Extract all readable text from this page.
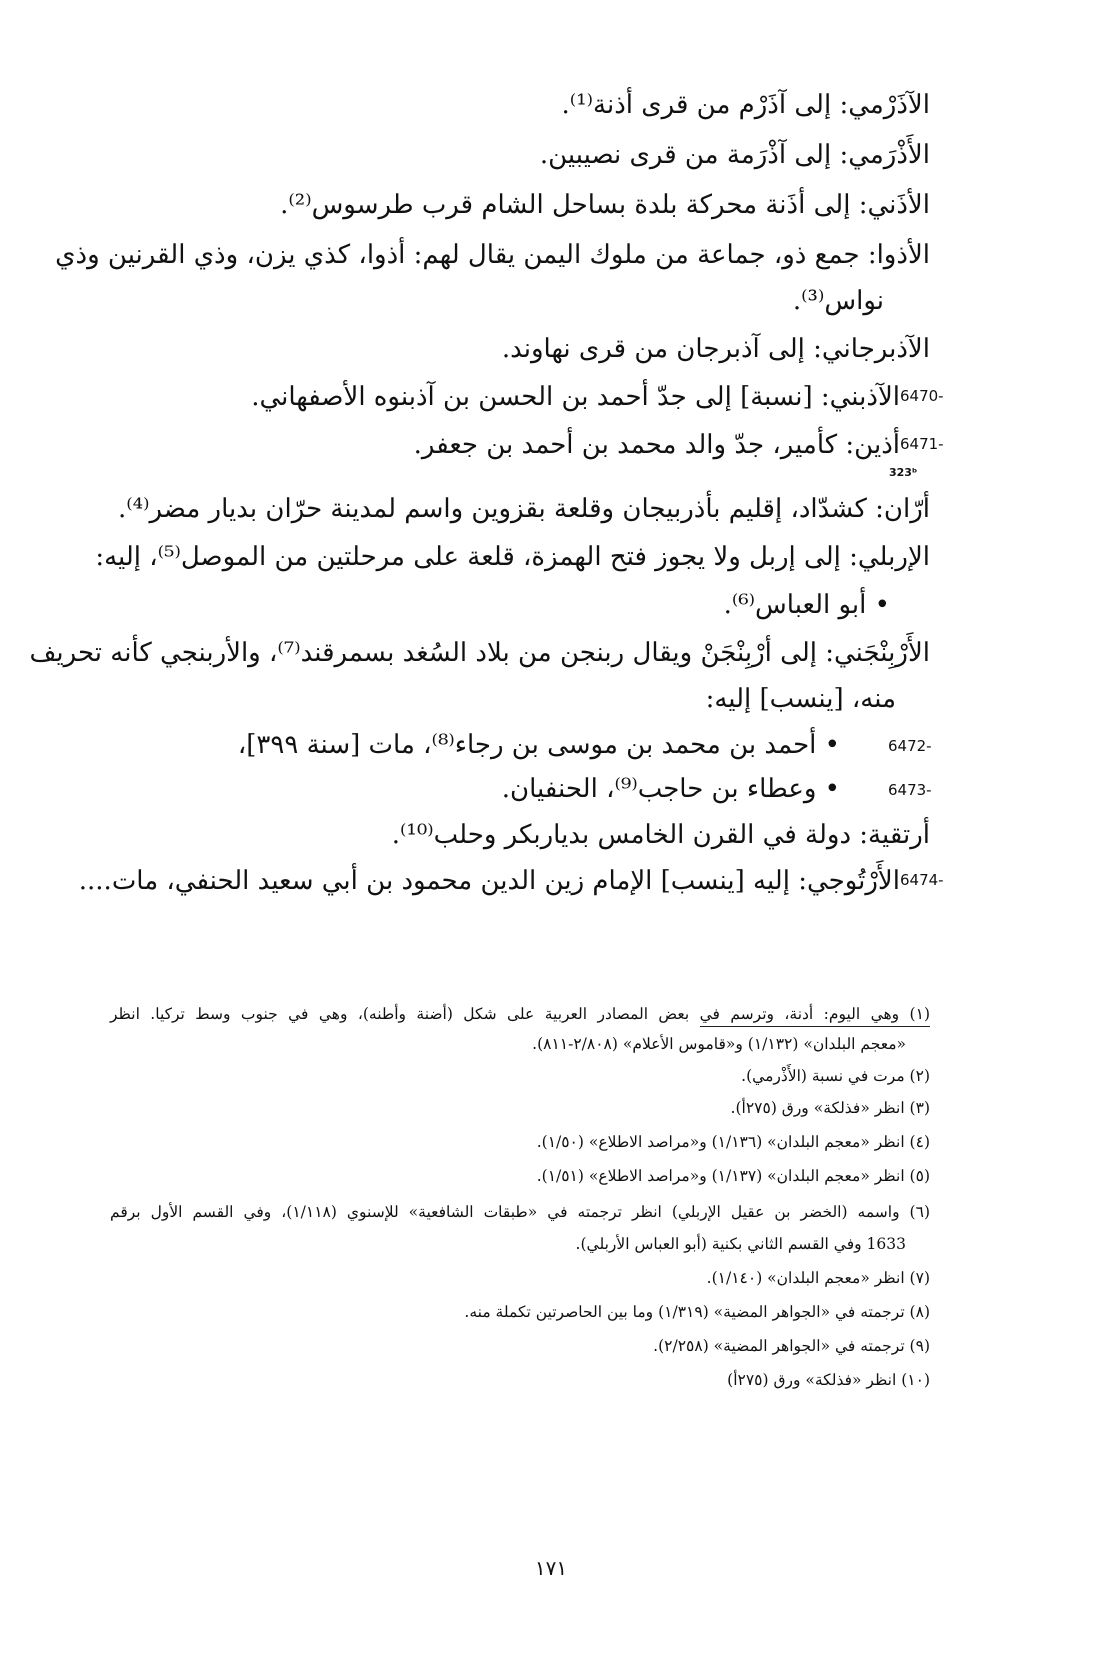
الآذَرْمي: إلى آذَرْم من قرى أذنة⁽¹⁾.
الأَذْرَمي: إلى آذْرَمة من قرى نصيبين.
الأذَني: إلى أذَنة محركة بلدة بساحل الشام قرب طرسوس⁽²⁾.
الأذوا: جمع ذو، جماعة من ملوك اليمن يقال لهم: أذوا، كذي يزن، وذي القرنين وذي
نواس⁽³⁾.
الآذبرجاني: إلى آذبرجان من قرى نهاوند.
الآذبني: [نسبة] إلى جدّ أحمد بن الحسن بن آذبنوه الأصفهاني. 6470-
أذين: كأمير، جدّ والد محمد بن أحمد بن جعفر. 6471-
323ᵇ
أرّان: كشدّاد، إقليم بأذربيجان وقلعة بقزوين واسم لمدينة حرّان بديار مضر⁽⁴⁾.
الإربلي: إلى إربل ولا يجوز فتح الهمزة، قلعة على مرحلتين من الموصل⁽⁵⁾، إليه:
• أبو العباس⁽⁶⁾.
الأَرْبِنْجَني: إلى أرْبِنْجَنْ ويقال ربنجن من بلاد السُغد بسمرقند⁽⁷⁾، والأربنجي كأنه تحريف
منه، [ينسب] إليه:
• أحمد بن محمد بن موسى بن رجاء⁽⁸⁾، مات [سنة ٣٩٩]،	6472-
• وعطاء بن حاجب⁽⁹⁾، الحنفيان.	6473-
أرتقية: دولة في القرن الخامس بدياربكر وحلب⁽¹⁰⁾.
الأَرْتُوجي: إليه [ينسب] الإمام زين الدين محمود بن أبي سعيد الحنفي، مات.... 6474-
(١) وهي اليوم: أدنة، وترسم في بعض المصادر العربية على شكل (أضنة وأطنه)، وهي في جنوب وسط تركيا. انظر
«معجم البلدان» (١/١٣٢) و«قاموس الأعلام» (٢/٨٠٨-٨١١).
(٢) مرت في نسبة (الأَذْرمي).
(٣) انظر «فذلكة» ورق (٢٧٥أ).
(٤) انظر «معجم البلدان» (١/١٣٦) و«مراصد الاطلاع» (١/٥٠).
(٥) انظر «معجم البلدان» (١/١٣٧) و«مراصد الاطلاع» (١/٥١).
(٦) واسمه (الخضر بن عقيل الإربلي) انظر ترجمته في «طبقات الشافعية» للإسنوي (١/١١٨)، وفي القسم الأول برقم
1633 وفي القسم الثاني بكنية (أبو العباس الأربلي).
(٧) انظر «معجم البلدان» (١/١٤٠).
(٨) ترجمته في «الجواهر المضية» (١/٣١٩) وما بين الحاصرتين تكملة منه.
(٩) ترجمته في «الجواهر المضية» (٢/٢٥٨).
(١٠) انظر «فذلكة» ورق (٢٧٥أ)
١٧١
